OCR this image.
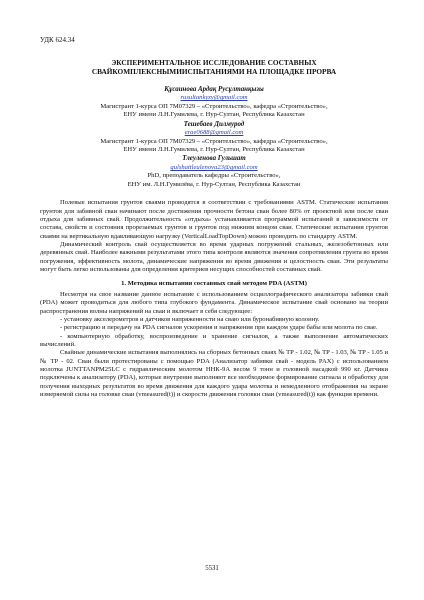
УДК 624.34
ЭКСПЕРИМЕНТАЛЬНОЕ ИССЛЕДОВАНИЕ СОСТАВНЫХ
СВАЙКОМПЛЕКСНЫМИИСПЫТАНИЯМИ НА ПЛОЩАДКЕ ПРОРВА
Құсаинова Ардақ Русұлтанқызы
rusultankyzy@gmail.com
Магистрант 1-курса ОП 7M07329 – «Строительство», кафедра «Строительство»,
ЕНУ имени Л.Н.Гумилева, г. Нур-Султан, Республика Казахстан
Тешебаев Дилмурод
erae0688@gmail.com
Магистрант 1-курса ОП 7M07329 – «Строительство», кафедра «Строительство»,
ЕНУ имени Л.Н.Гумилева, г. Нур-Султан, Республика Казахстан
Тлеуленова Гульшат
gulshattleulenova23@gmail.com
PhD, преподаватель кафедры «Строительство»,
ЕНУ им. Л.Н.Гумилёва, г. Нур-Султан, Республика Казахстан

Полевые испытания грунтов сваями проводятся в соответствии с требованиями ASTM. Статические испытания грунтов для забивной сваи начинают после достижения прочности бетона сваи более 80% от проектной или после сваи отдыха для забивных свай. Продолжительность «отдыха» устанавливается программой испытаний в зависимости от состава, свойств и состояния прорезаемых грунтов и грунтов под нижним концом сваи. Статические испытания грунтов сваями на вертикальную вдавливающую нагрузку (VerticalLoadTopDown) можно проводить по стандарту ASTM.

Динамический контроль свай осуществляется во время ударных погружений стальных, железобетонных или деревянных свай. Наиболее важными результатами этого типа контроля являются значения сопротивления грунта во время погружения, эффективность молота, динамические напряжения во время движения и целостность сваи. Эти результаты могут быть легко использованы для определения критериев несущих способностей составных свай.

1. Методика испытания составных свай методом PDA (ASTM)

Несмотря на свое название данное испытание с использованием осциллографического анализатора забивки свай (PDA) может проводиться для любого типа глубокого фундамента. Динамическое испытание свай основано на теории распространения волны напряжений на сваи и включает в себя следующее:

- установку акселерометров и датчиков напряженности на сваю или буронабивную колонну.

- регистрацию и передачу на PDA сигналов ускорения и напряжения при каждом ударе бабы или молота по свае.

- компьютерную обработку, воспроизведение и хранение сигналов, а также выполнение автоматических вычислений.

Свайные динамические испытания выполнялись на сборных бетонных сваях № ТР - 1.02, № ТР - 1.03, № ТР - 1.05 и № ТР - 02. Сваи были протестированы с помощью PDA (Анализатор забивки свай - модель PAX) с использованием молотка JUNTTANPM25LC с гидравлическим молотом ННК-9А весом 9 тонн и головной насадкой 990 кг. Датчики подключены к анализатору (PDA), которые внутрение выполняют все необходимое формирование сигнала и обработку для получения выходных результатов во время движения для каждого удара молотка и немедленного отображения на экране измеряемой силы на головке сваи (vmeasured(t)) и скорости движения головки сваи (vmeasured(t)) как функция времени.

5531
